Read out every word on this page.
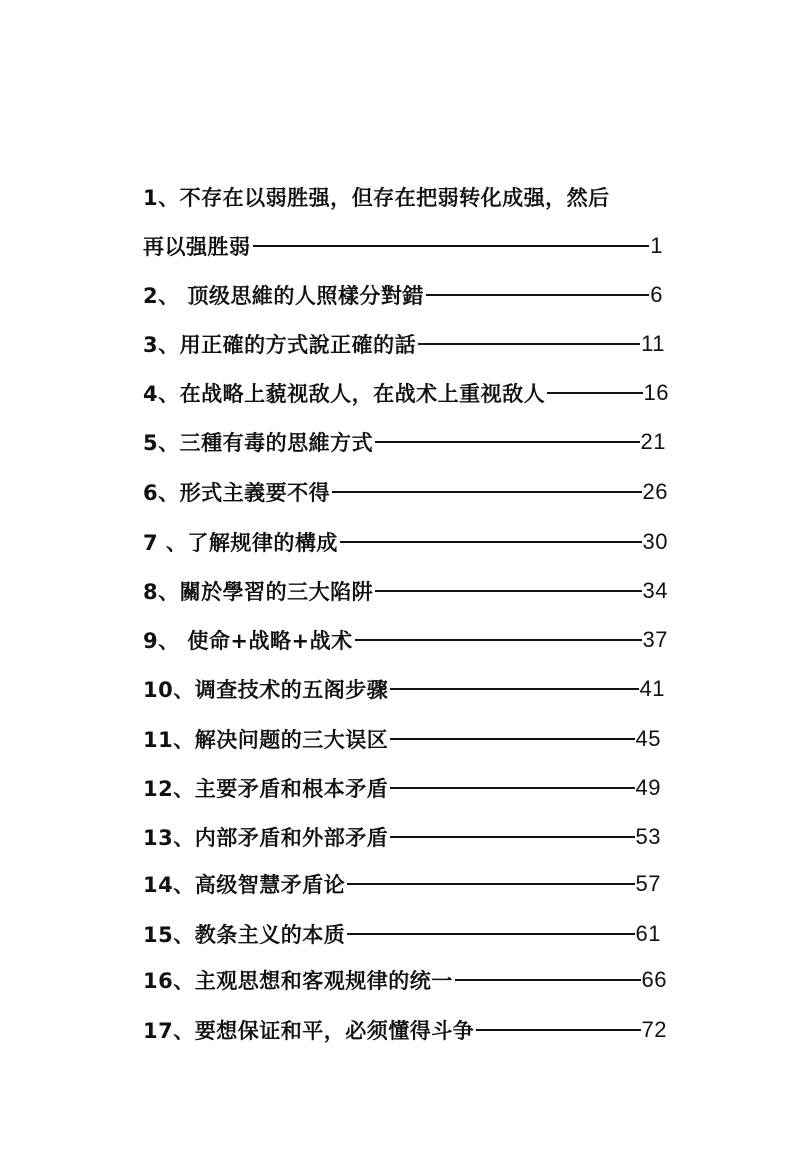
1、不存在以弱胜强，但存在把弱转化成强，然后
再以强胜弱	1
2、 顶级思維的人照樣分對錯	6
3、用正確的方式說正確的話	11
4、在战略上藐视敌人，在战术上重视敌人	16
5、三種有毒的思維方式	21
6、形式主義要不得	26
7 、了解规律的構成	30
8、關於學習的三大陷阱	34
9、 使命+战略+战术	37
10、调查技术的五阁步骤	41
11、解决问题的三大误区	45
12、主要矛盾和根本矛盾	49
13、内部矛盾和外部矛盾	53
14、高级智慧矛盾论	57
15、教条主义的本质	61
16、主观思想和客观规律的统一	66
17、要想保证和平，必须懂得斗争	72
